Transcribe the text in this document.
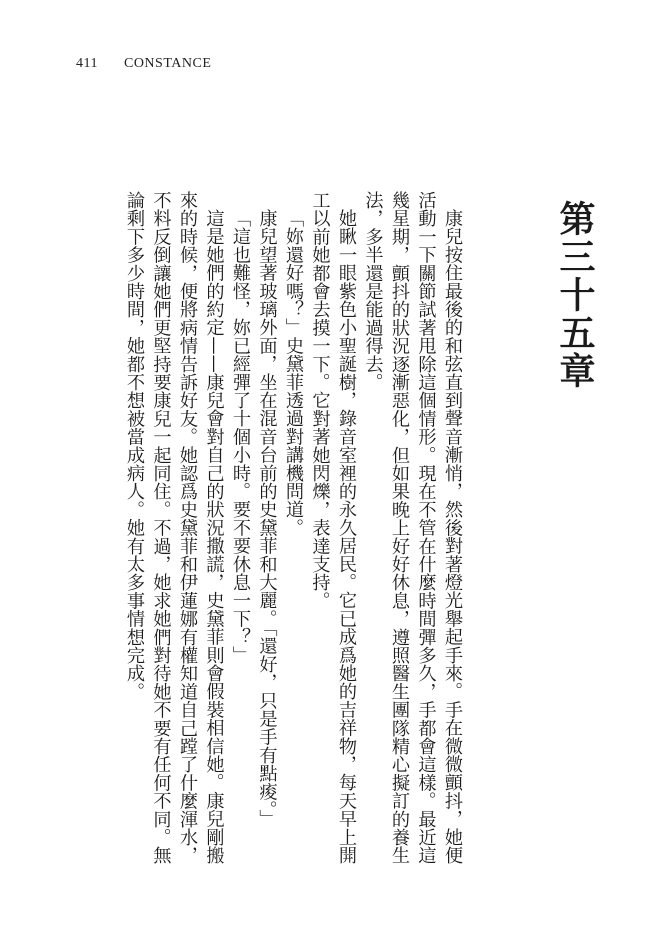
411 CONSTANCE
第三十五章

康兒按住最後的和弦直到聲音漸悄，然後對著燈光舉起手來。手在微微顫抖，她便活動一下關節試著甩除這個情形。現在不管在什麼時間彈多久，手都會這樣。最近這幾星期，顫抖的狀況逐漸惡化，但如果晚上好好休息，遵照醫生團隊精心擬訂的養生法，多半還是能過得去。

她瞅一眼紫色小聖誕樹，錄音室裡的永久居民。它已成爲她的吉祥物，每天早上開工以前她都會去摸一下。它對著她閃爍，表達支持。

「妳還好嗎？」史黛菲透過對講機問道。

康兒望著玻璃外面，坐在混音台前的史黛菲和大麗。「還好，只是手有點痠。」

「這也難怪，妳已經彈了十個小時。要不要休息一下？」

這是她們的約定——康兒會對自己的狀況撒謊，史黛菲則會假裝相信她。康兒剛搬來的時候，便將病情告訴好友。她認爲史黛菲和伊蓮娜有權知道自己蹚了什麼渾水，不料反倒讓她們更堅持要康兒一起同住。不過，她求她們對待她不要有任何不同。無論剩下多少時間，她都不想被當成病人。她有太多事情想完成。
